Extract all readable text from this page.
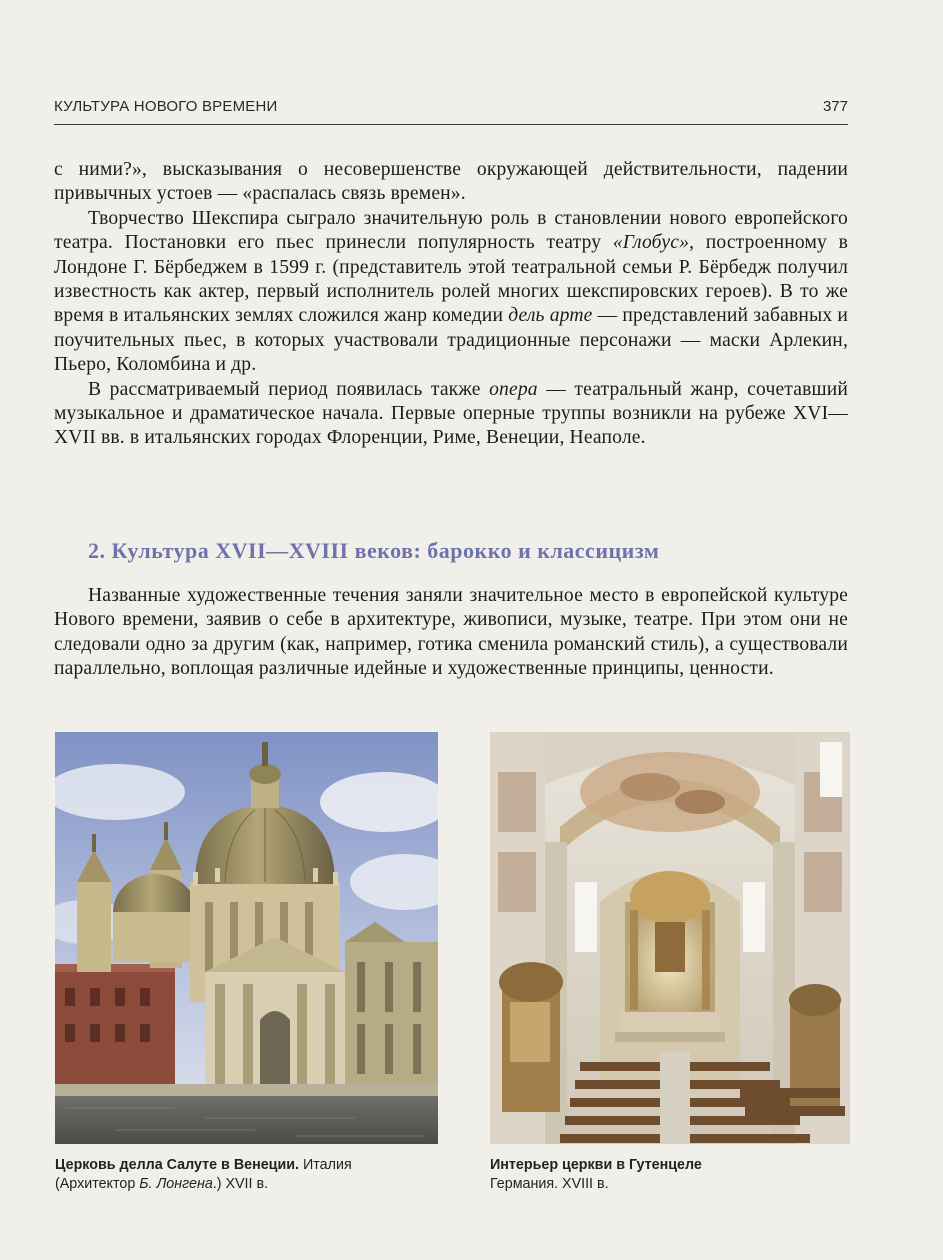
КУЛЬТУРА НОВОГО ВРЕМЕНИ	377

с ними?», высказывания о несовершенстве окружающей действительности, падении привычных устоев — «распалась связь времен».

Творчество Шекспира сыграло значительную роль в становлении нового европейского театра. Постановки его пьес принесли популярность театру «Глобус», построенному в Лондоне Г. Бёрбеджем в 1599 г. (представитель этой театральной семьи Р. Бёрбедж получил известность как актер, первый исполнитель ролей многих шекспировских героев). В то же время в итальянских землях сложился жанр комедии дель арте — представлений забавных и поучительных пьес, в которых участвовали традиционные персонажи — маски Арлекин, Пьеро, Коломбина и др.

В рассматриваемый период появилась также опера — театральный жанр, сочетавший музыкальное и драматическое начала. Первые оперные труппы возникли на рубеже XVI—XVII вв. в итальянских городах Флоренции, Риме, Венеции, Неаполе.

2. Культура XVII—XVIII веков: барокко и классицизм

Названные художественные течения заняли значительное место в европейской культуре Нового времени, заявив о себе в архитектуре, живописи, музыке, театре. При этом они не следовали одно за другим (как, например, готика сменила романский стиль), а существовали параллельно, воплощая различные идейные и художественные принципы, ценности.

Церковь делла Салуте в Венеции. Италия
(Архитектор Б. Лонгена.) XVII в.
Интерьер церкви в Гутенцеле
Германия. XVIII в.
